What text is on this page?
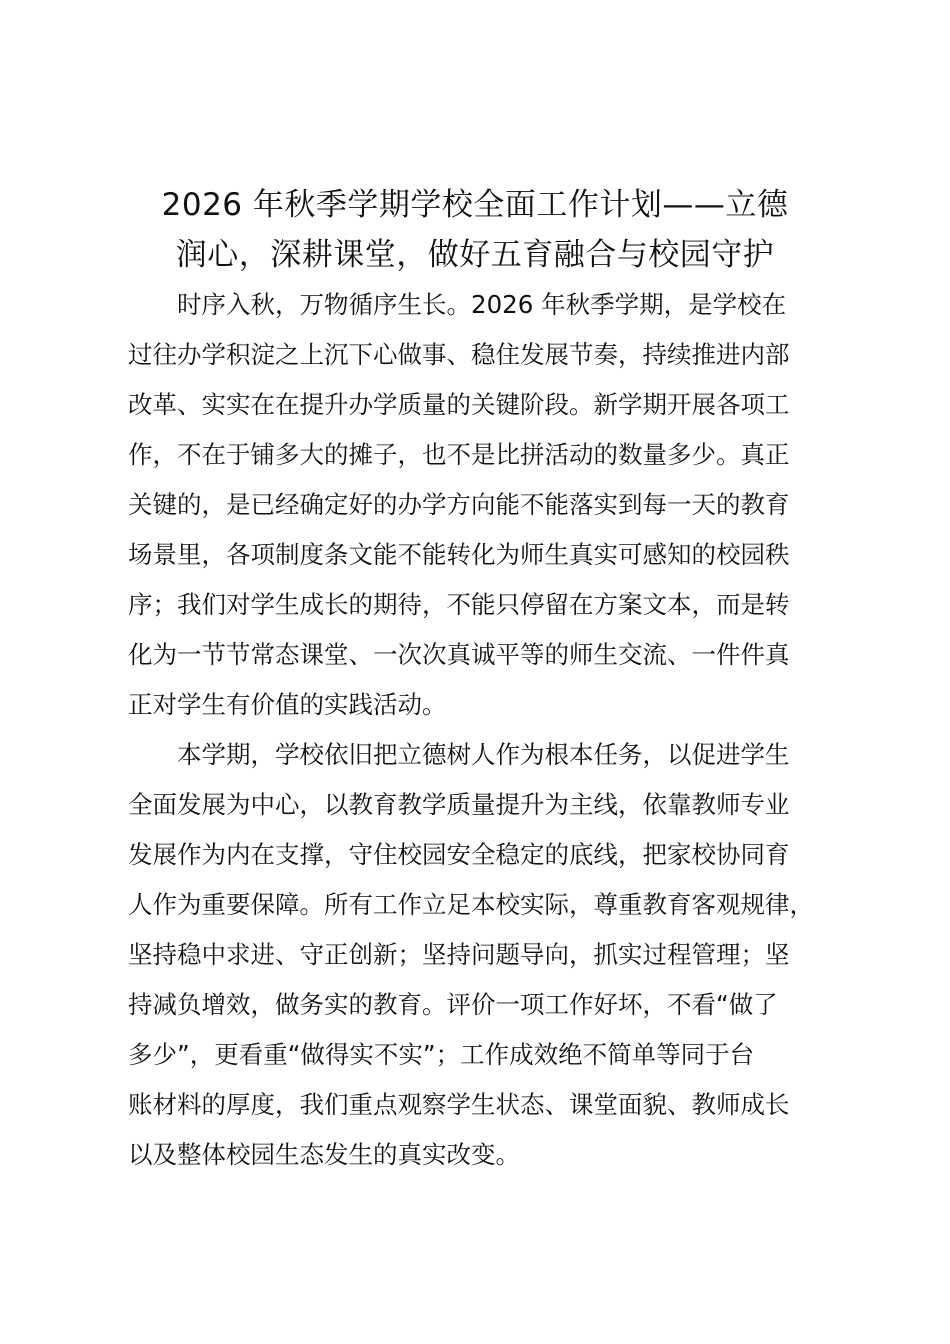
2026 年秋季学期学校全面工作计划——立德
润心，深耕课堂，做好五育融合与校园守护

时序入秋，万物循序生长。2026 年秋季学期，是学校在
过往办学积淀之上沉下心做事、稳住发展节奏，持续推进内部
改革、实实在在提升办学质量的关键阶段。新学期开展各项工
作，不在于铺多大的摊子，也不是比拼活动的数量多少。真正
关键的，是已经确定好的办学方向能不能落实到每一天的教育
场景里，各项制度条文能不能转化为师生真实可感知的校园秩
序；我们对学生成长的期待，不能只停留在方案文本，而是转
化为一节节常态课堂、一次次真诚平等的师生交流、一件件真
正对学生有价值的实践活动。

本学期，学校依旧把立德树人作为根本任务，以促进学生
全面发展为中心，以教育教学质量提升为主线，依靠教师专业
发展作为内在支撑，守住校园安全稳定的底线，把家校协同育
人作为重要保障。所有工作立足本校实际，尊重教育客观规律，
坚持稳中求进、守正创新；坚持问题导向，抓实过程管理；坚
持减负增效，做务实的教育。评价一项工作好坏，不看“做了
多少”，更看重“做得实不实”；工作成效绝不简单等同于台
账材料的厚度，我们重点观察学生状态、课堂面貌、教师成长
以及整体校园生态发生的真实改变。
